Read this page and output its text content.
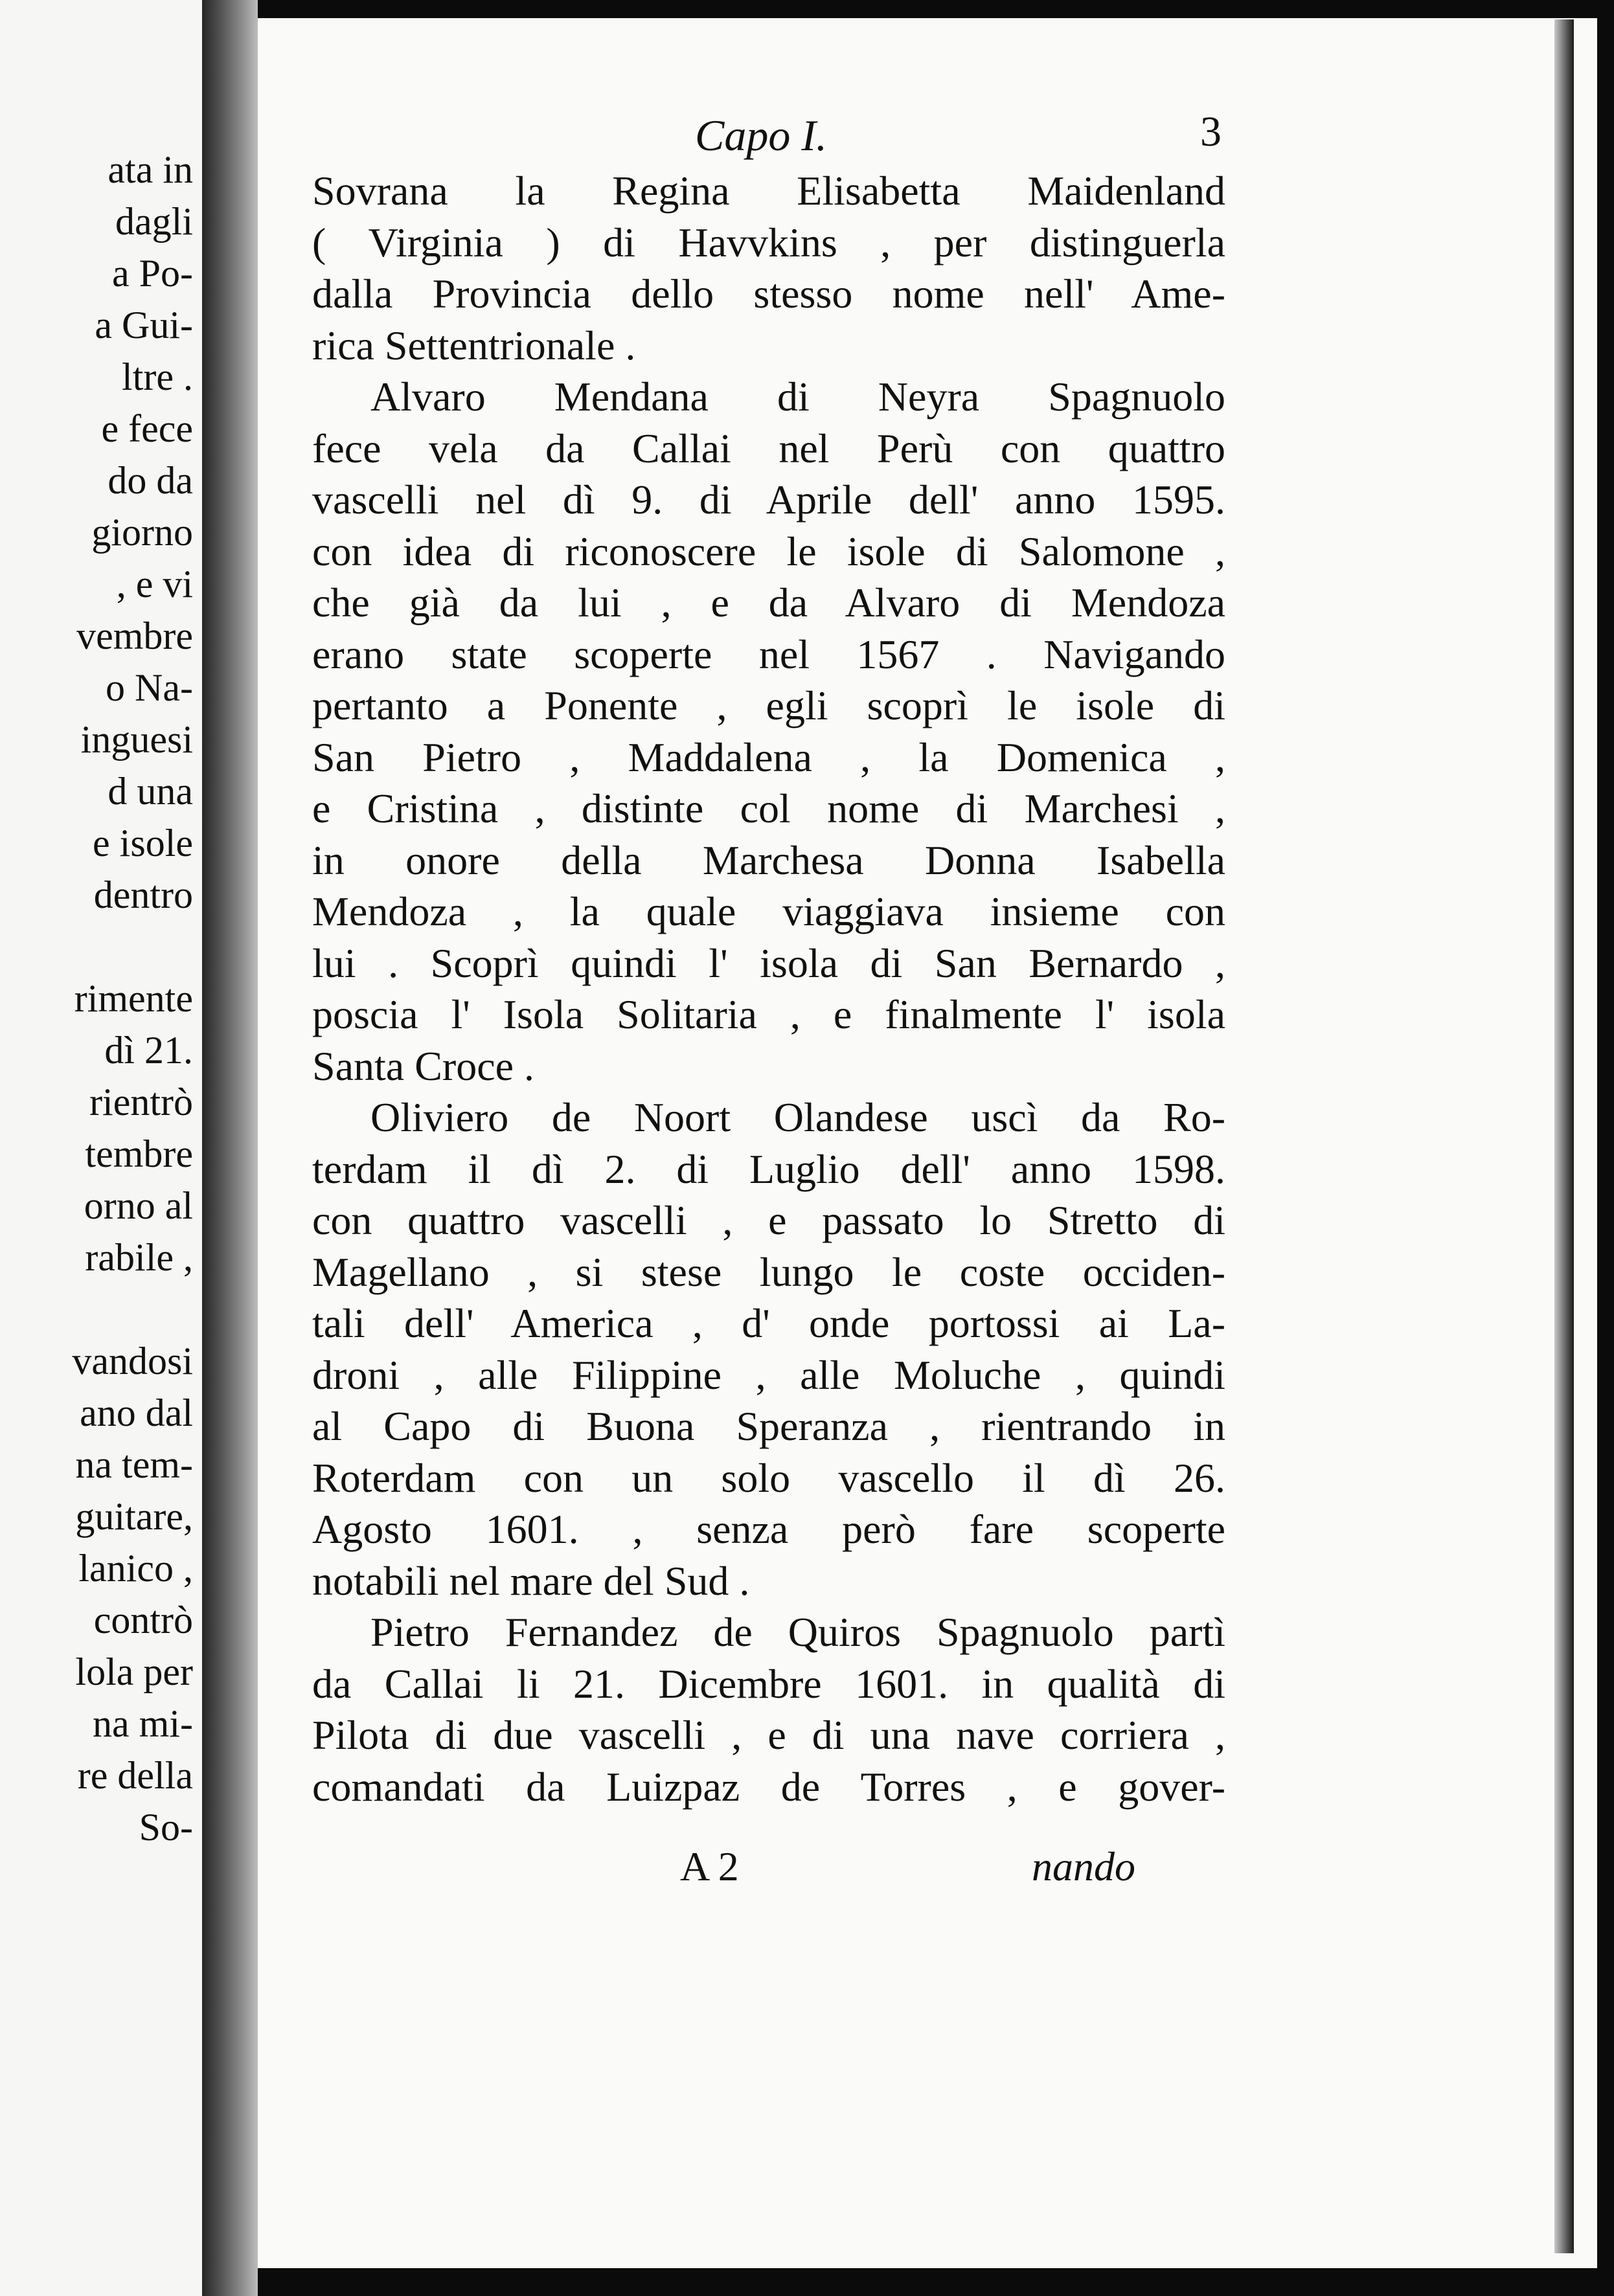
ata in

dagli

a Po-

a Gui-

ltre .

e fece

do da

giorno

, e vi

vembre

o Na-

inguesi

d una

e isole

dentro

rimente

dì 21.

rientrò

tembre

orno al

rabile ,

vandosi

ano dal

na tem-

guitare,

lanico ,

contrò

lola per

na mi-

re della

So-

Capo I.	3

Sovrana la Regina Elisabetta Maidenland

( Virginia ) di Havvkins , per distinguerla

dalla Provincia dello stesso nome nell' Ame-

rica Settentrionale .

Alvaro Mendana di Neyra Spagnuolo

fece vela da Callai nel Perù con quattro

vascelli nel dì 9. di Aprile dell' anno 1595.

con idea di riconoscere le isole di Salomone ,

che già da lui , e da Alvaro di Mendoza

erano state scoperte nel 1567 . Navigando

pertanto a Ponente , egli scoprì le isole di

San Pietro , Maddalena , la Domenica ,

e Cristina , distinte col nome di Marchesi ,

in onore della Marchesa Donna Isabella

Mendoza , la quale viaggiava insieme con

lui . Scoprì quindi l' isola di San Bernardo ,

poscia l' Isola Solitaria , e finalmente l' isola

Santa Croce .

Oliviero de Noort Olandese uscì da Ro-

terdam il dì 2. di Luglio dell' anno 1598.

con quattro vascelli , e passato lo Stretto di

Magellano , si stese lungo le coste occiden-

tali dell' America , d' onde portossi ai La-

droni , alle Filippine , alle Moluche , quindi

al Capo di Buona Speranza , rientrando in

Roterdam con un solo vascello il dì 26.

Agosto 1601. , senza però fare scoperte

notabili nel mare del Sud .

Pietro Fernandez de Quiros Spagnuolo partì

da Callai li 21. Dicembre 1601. in qualità di

Pilota di due vascelli , e di una nave corriera ,

comandati da Luizpaz de Torres , e gover-

A 2	nando
